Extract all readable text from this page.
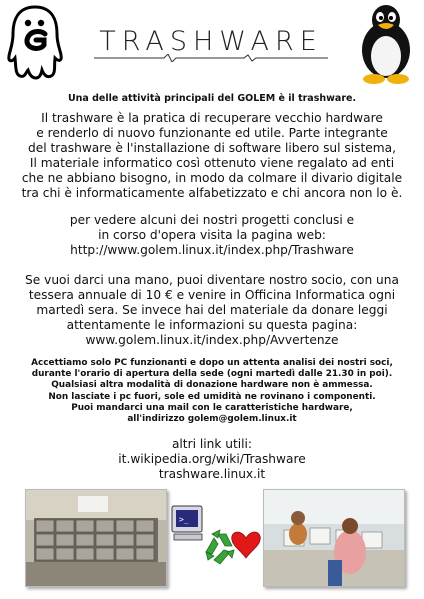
TRASHWARE
Una delle attività principali del GOLEM è il trashware.
Il trashware è la pratica di recuperare vecchio hardware
e renderlo di nuovo funzionante ed utile. Parte integrante
del trashware è l'installazione di software libero sul sistema,
Il materiale informatico così ottenuto viene regalato ad enti
che ne abbiano bisogno, in modo da colmare il divario digitale
tra chi è informaticamente alfabetizzato e chi ancora non lo è.
per vedere alcuni dei nostri progetti conclusi e
in corso d'opera visita la pagina web:
http://www.golem.linux.it/index.php/Trashware
Se vuoi darci una mano, puoi diventare nostro socio, con una
tessera annuale di 10 € e venire in Officina Informatica ogni
martedì sera. Se invece hai del materiale da donare leggi
attentamente le informazioni su questa pagina:
www.golem.linux.it/index.php/Avvertenze
Accettiamo solo PC funzionanti e dopo un attenta analisi dei nostri soci,
durante l'orario di apertura della sede (ogni martedì dalle 21.30 in poi).
Qualsiasi altra modalità di donazione hardware non è ammessa.
Non lasciate i pc fuori, sole ed umidità ne rovinano i componenti.
Puoi mandarci una mail con le caratteristiche hardware,
all'indirizzo golem@golem.linux.it
altri link utili:
it.wikipedia.org/wiki/Trashware
trashware.linux.it
>_
